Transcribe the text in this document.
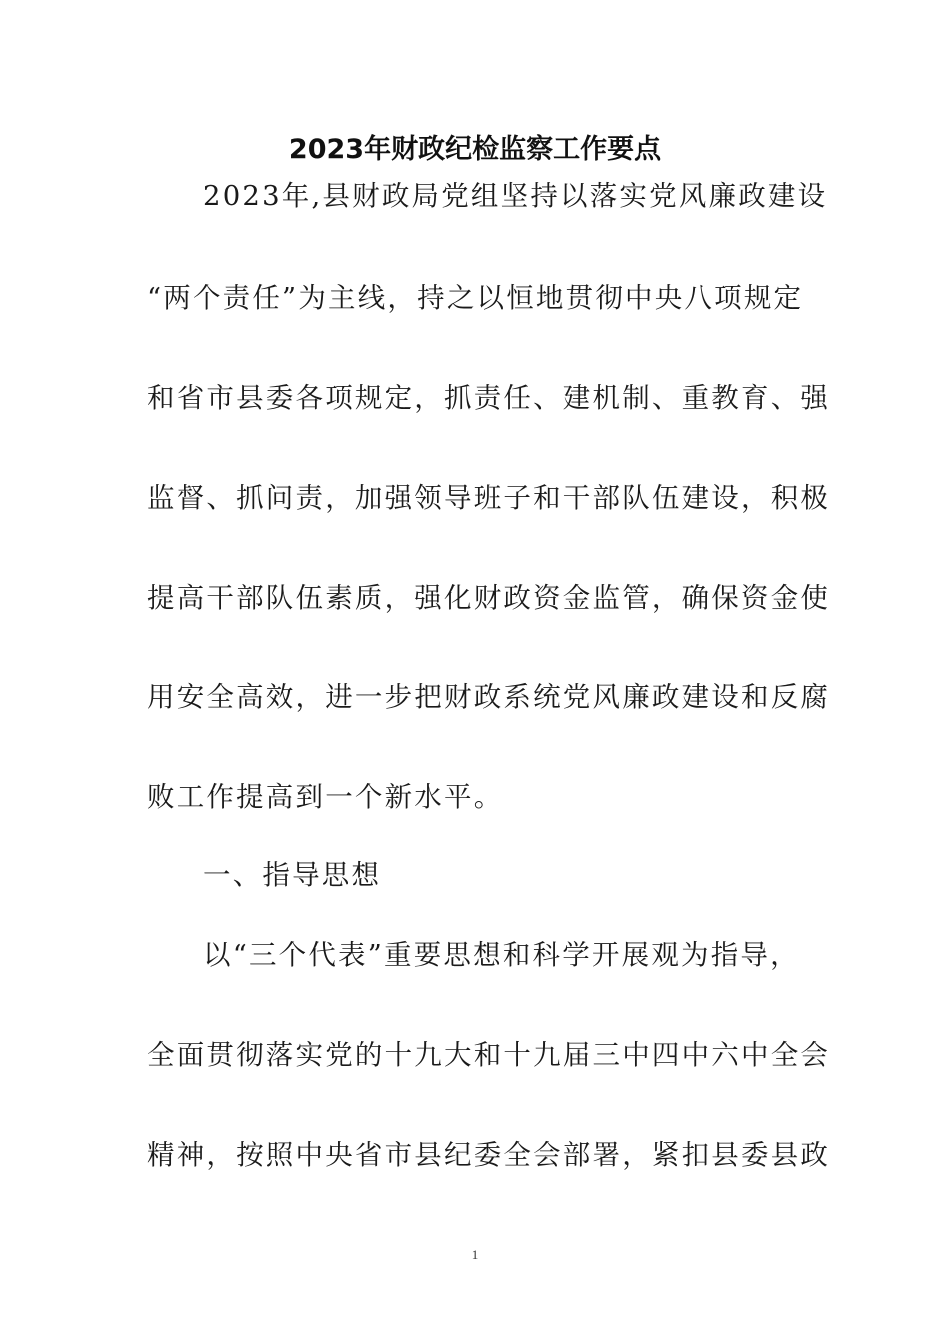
2023年财政纪检监察工作要点
2023年,县财政局党组坚持以落实党风廉政建设
“两个责任”为主线，持之以恒地贯彻中央八项规定
和省市县委各项规定，抓责任、建机制、重教育、强
监督、抓问责，加强领导班子和干部队伍建设，积极
提高干部队伍素质，强化财政资金监管，确保资金使
用安全高效，进一步把财政系统党风廉政建设和反腐
败工作提高到一个新水平。
一、指导思想
以“三个代表”重要思想和科学开展观为指导，
全面贯彻落实党的十九大和十九届三中四中六中全会
精神，按照中央省市县纪委全会部署，紧扣县委县政
1
